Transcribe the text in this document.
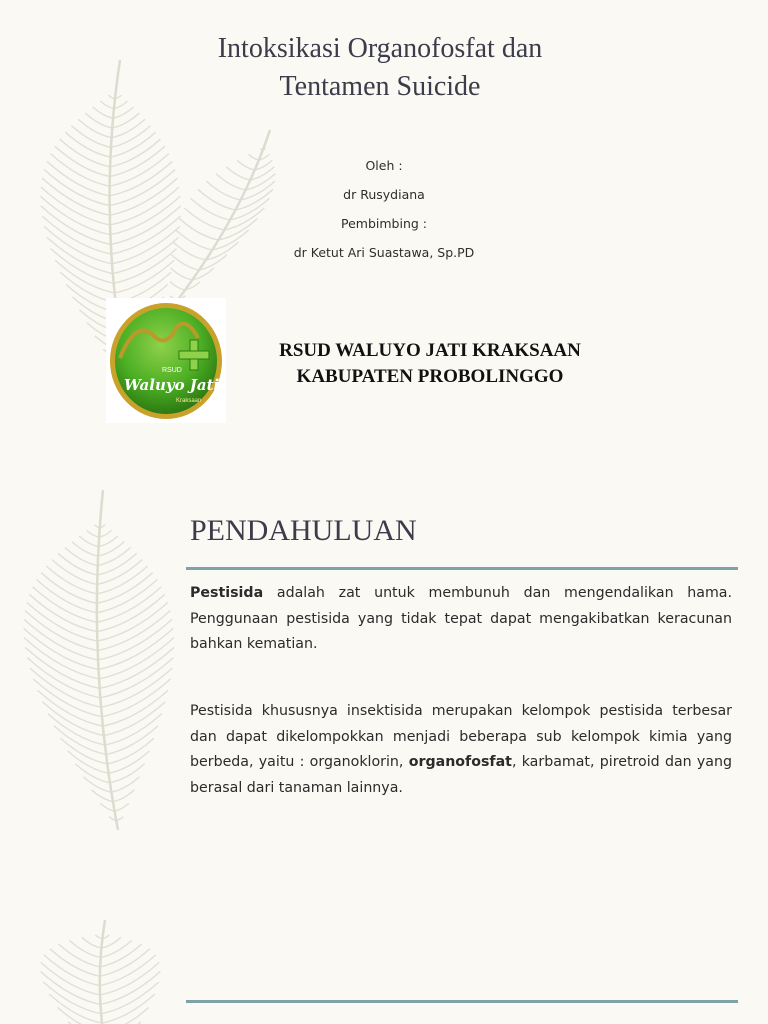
Intoksikasi Organofosfat dan
Tentamen Suicide
Oleh :
dr Rusydiana
Pembimbing :
dr Ketut Ari Suastawa, Sp.PD
RSUD
Waluyo Jati
Kraksaan
RSUD WALUYO JATI KRAKSAAN
KABUPATEN PROBOLINGGO
PENDAHULUAN
Pestisida adalah zat untuk membunuh dan mengendalikan hama. Penggunaan pestisida yang tidak tepat dapat mengakibatkan keracunan bahkan kematian.
Pestisida khususnya insektisida merupakan kelompok pestisida terbesar dan dapat dikelompokkan menjadi beberapa sub kelompok kimia yang berbeda, yaitu : organoklorin, organofosfat, karbamat, piretroid dan yang berasal dari tanaman lainnya.
